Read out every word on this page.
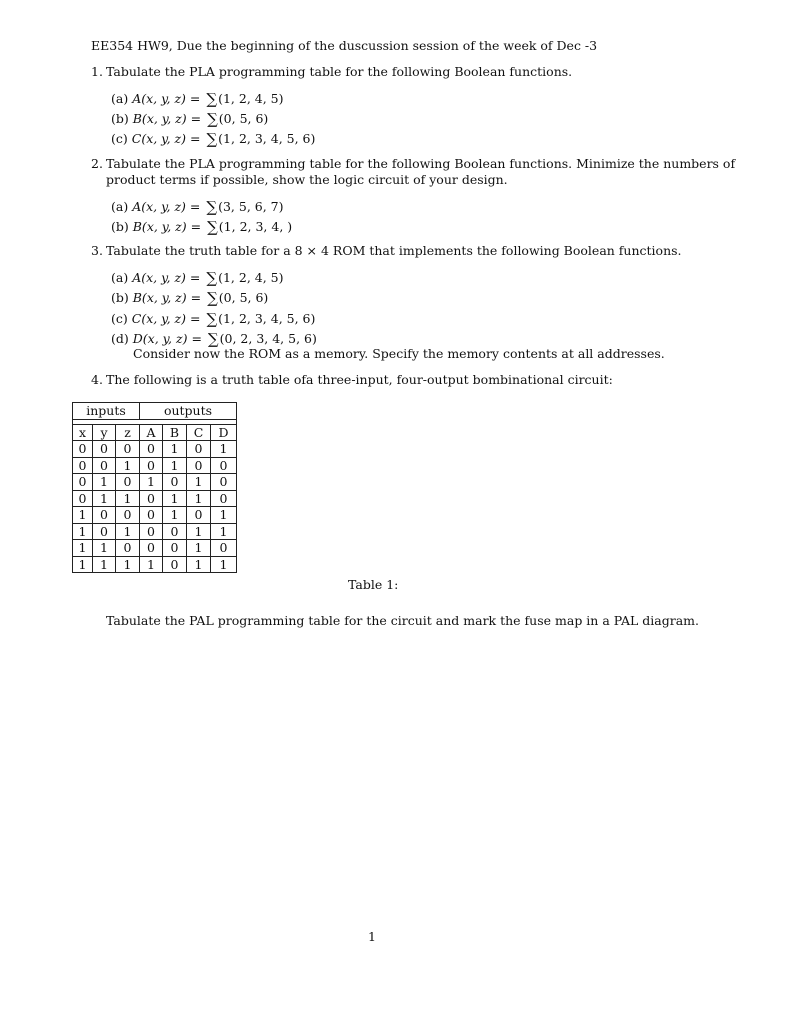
EE354 HW9, Due the beginning of the duscussion session of the week of Dec -3
1. Tabulate the PLA programming table for the following Boolean functions.
(a) A(x, y, z) = ∑(1, 2, 4, 5)
(b) B(x, y, z) = ∑(0, 5, 6)
(c) C(x, y, z) = ∑(1, 2, 3, 4, 5, 6)
2. Tabulate the PLA programming table for the following Boolean functions. Minimize the numbers of
product terms if possible, show the logic circuit of your design.
(a) A(x, y, z) = ∑(3, 5, 6, 7)
(b) B(x, y, z) = ∑(1, 2, 3, 4, )
3. Tabulate the truth table for a 8 × 4 ROM that implements the following Boolean functions.
(a) A(x, y, z) = ∑(1, 2, 4, 5)
(b) B(x, y, z) = ∑(0, 5, 6)
(c) C(x, y, z) = ∑(1, 2, 3, 4, 5, 6)
(d) D(x, y, z) = ∑(0, 2, 3, 4, 5, 6)
Consider now the ROM as a memory. Specify the memory contents at all addresses.
4. The following is a truth table ofa three-input, four-output bombinational circuit:
inputs			outputs			

x	y	z	A	B	C	D
0	0	0	0	1	0	1
0	0	1	0	1	0	0
0	1	0	1	0	1	0
0	1	1	0	1	1	0
1	0	0	0	1	0	1
1	0	1	0	0	1	1
1	1	0	0	0	1	0
1	1	1	1	0	1	1
Table 1:
Tabulate the PAL programming table for the circuit and mark the fuse map in a PAL diagram.
1
